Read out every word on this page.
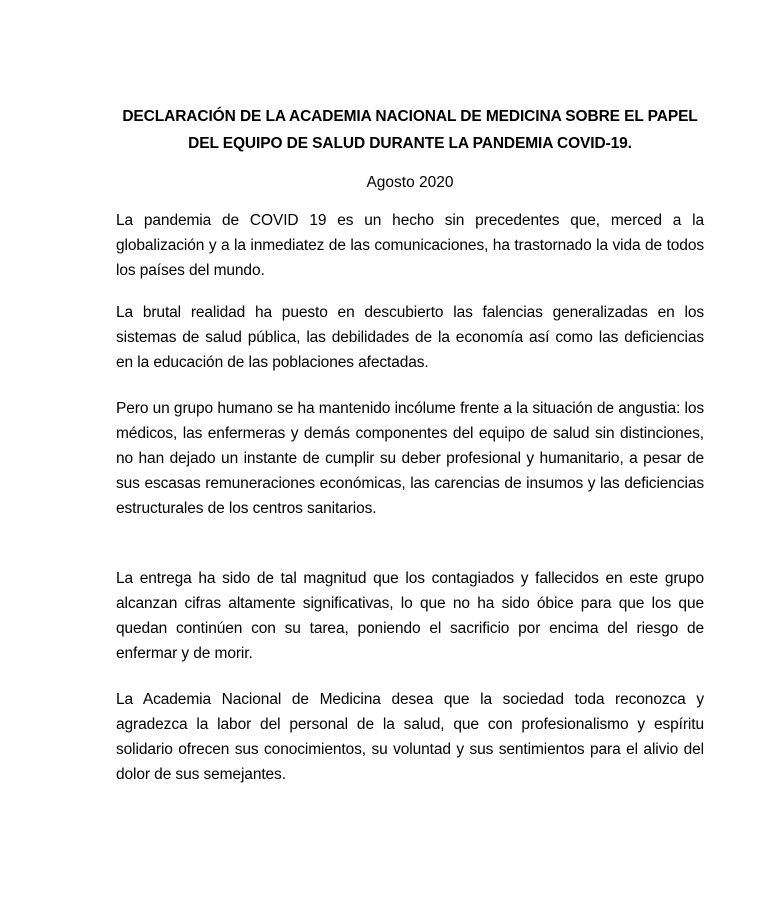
DECLARACIÓN DE LA ACADEMIA NACIONAL DE MEDICINA SOBRE EL PAPEL
DEL EQUIPO DE SALUD DURANTE LA PANDEMIA COVID-19.
Agosto 2020
La pandemia de COVID 19 es un hecho sin precedentes que, merced a la globalización y a la inmediatez de las comunicaciones, ha trastornado la vida de todos los países del mundo.
La brutal realidad ha puesto en descubierto las falencias generalizadas en los sistemas de salud pública, las debilidades de la economía así como las deficiencias en la educación de las poblaciones afectadas.
Pero un grupo humano se ha mantenido incólume frente a la situación de angustia: los médicos, las enfermeras y demás componentes del equipo de salud sin distinciones, no han dejado un instante de cumplir su deber profesional y humanitario, a pesar de sus escasas remuneraciones económicas, las carencias de insumos y las deficiencias estructurales de los centros sanitarios.
La entrega ha sido de tal magnitud que los contagiados y fallecidos en este grupo alcanzan cifras altamente significativas, lo que no ha sido óbice para que los que quedan continúen con su tarea, poniendo el sacrificio por encima del riesgo de enfermar y de morir.
La Academia Nacional de Medicina desea que la sociedad toda reconozca y agradezca la labor del personal de la salud, que con profesionalismo y espíritu solidario ofrecen sus conocimientos, su voluntad y sus sentimientos para el alivio del dolor de sus semejantes.
